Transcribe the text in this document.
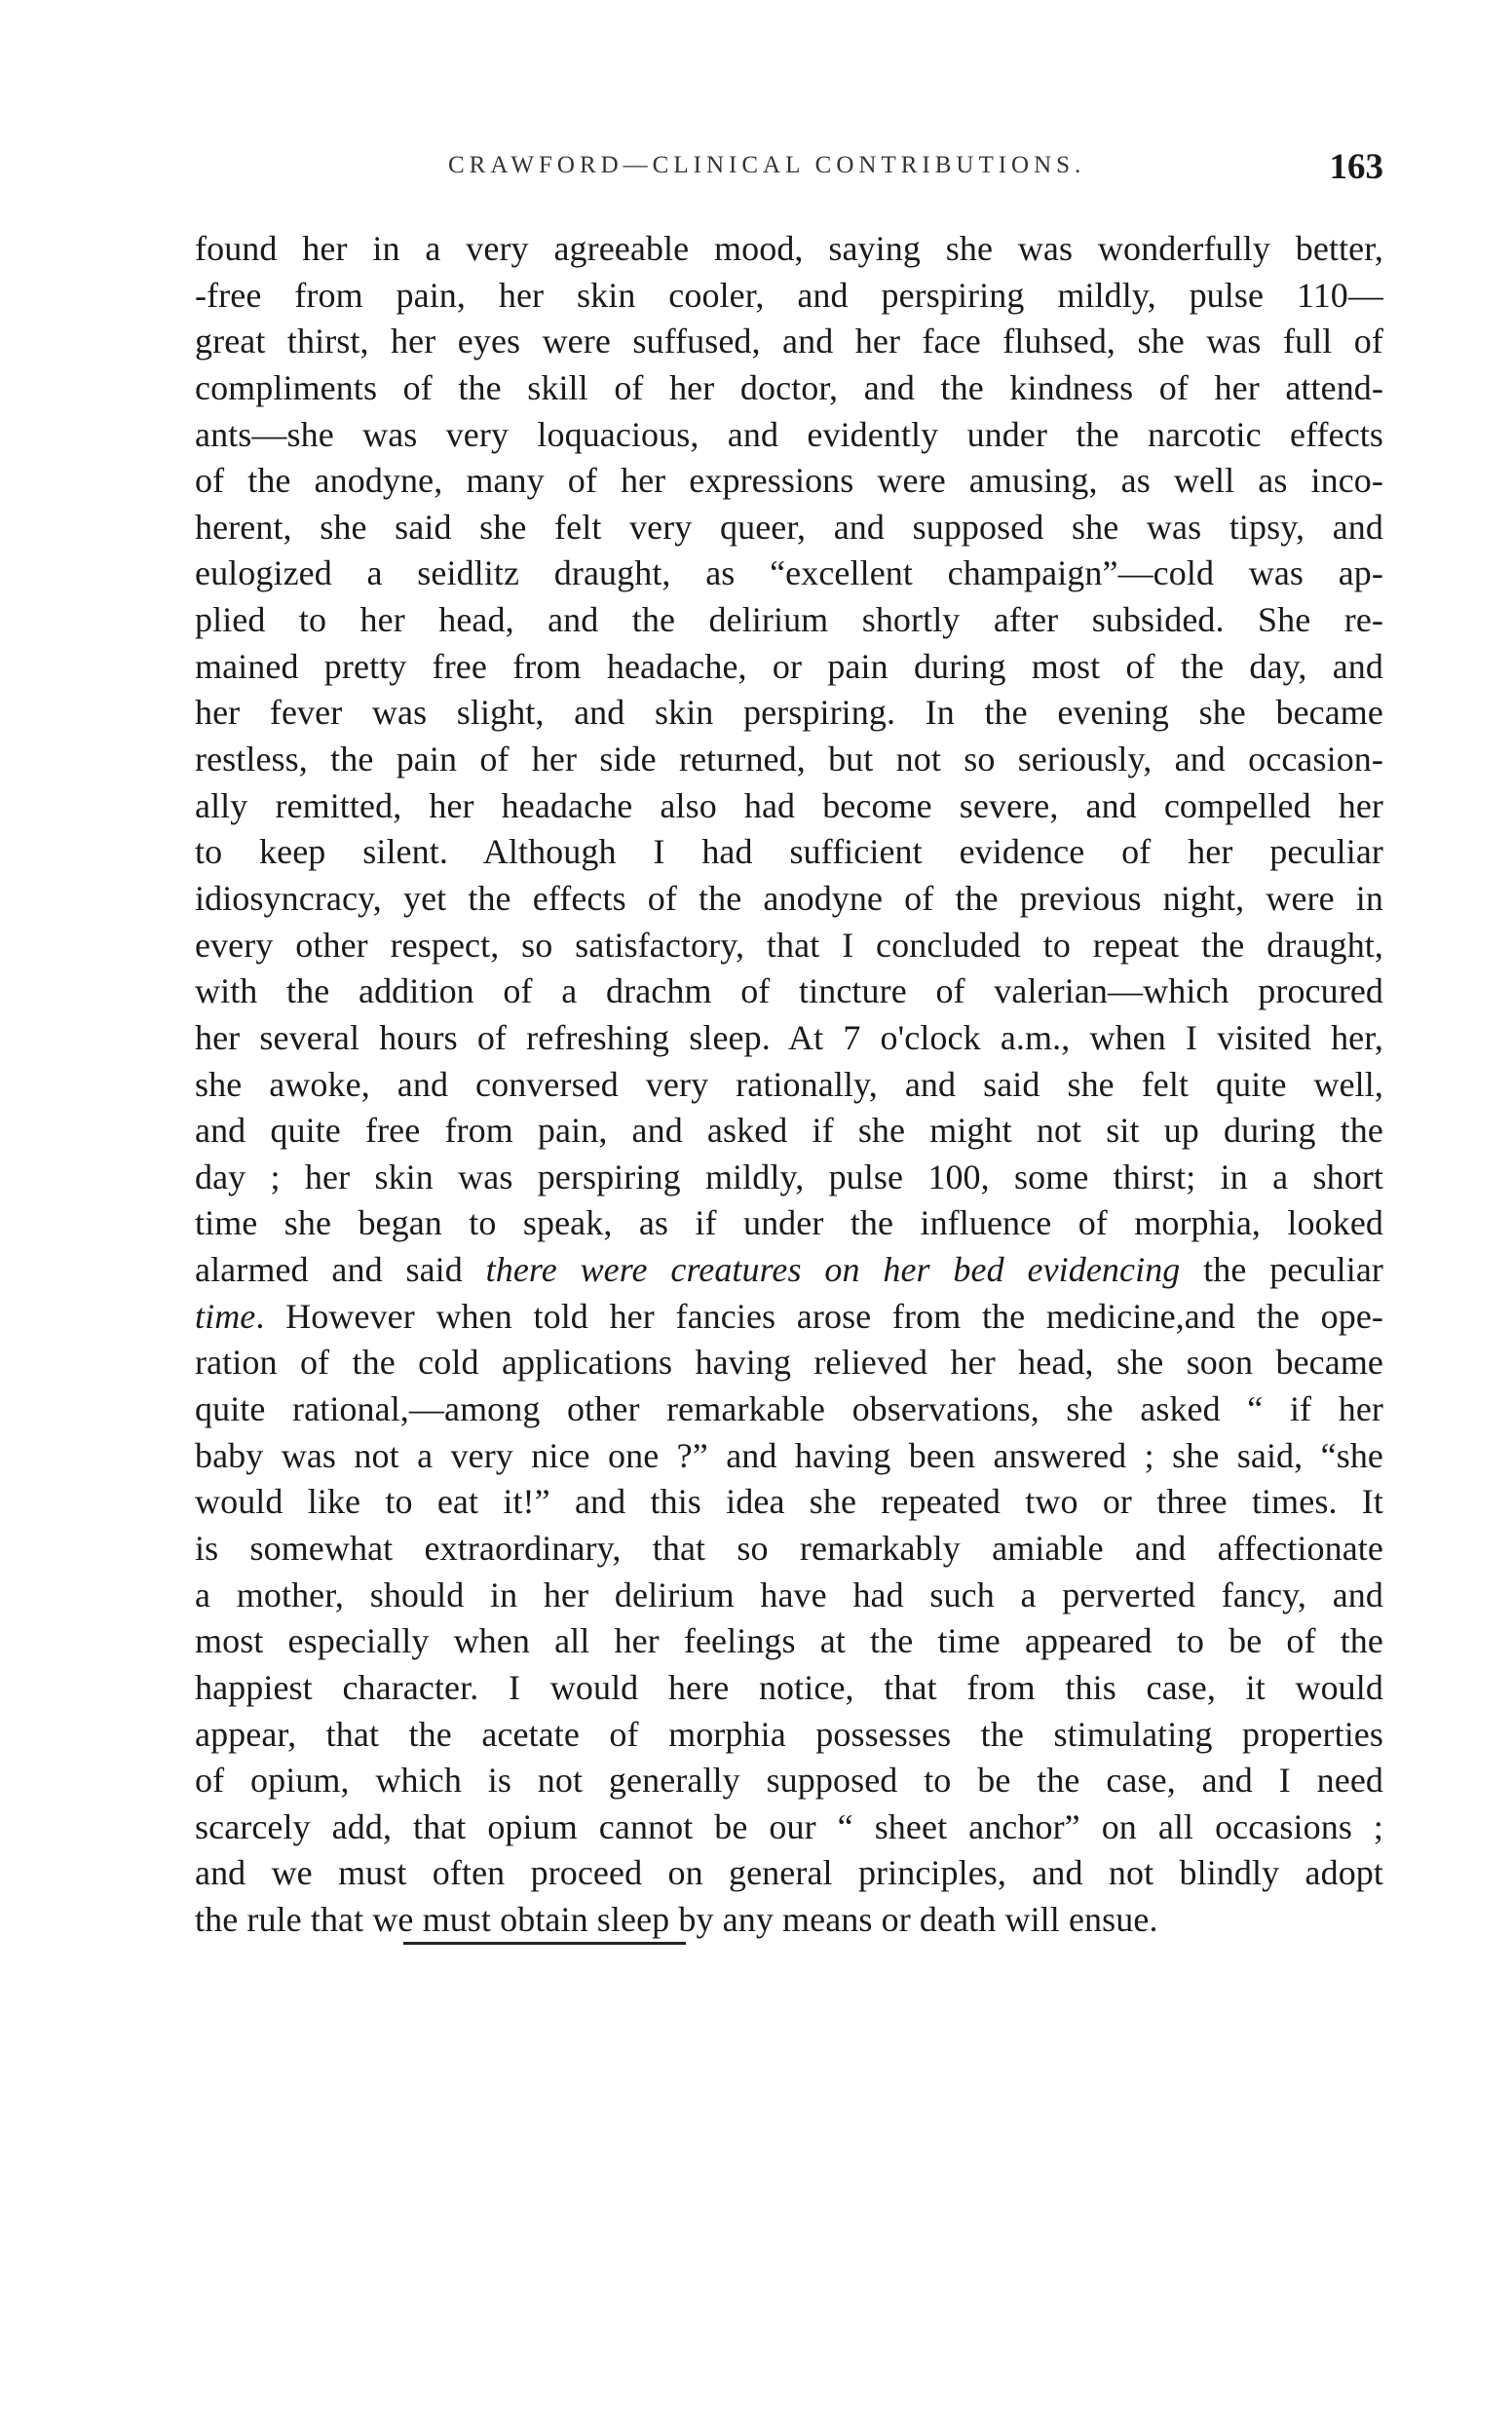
CRAWFORD—CLINICAL CONTRIBUTIONS.	163
found her in a very agreeable mood, saying she was wonderfully better,
-free from pain, her skin cooler, and perspiring mildly, pulse 110—
great thirst, her eyes were suffused, and her face fluhsed, she was full of
compliments of the skill of her doctor, and the kindness of her attend-
ants—she was very loquacious, and evidently under the narcotic effects
of the anodyne, many of her expressions were amusing, as well as inco-
herent, she said she felt very queer, and supposed she was tipsy, and
eulogized a seidlitz draught, as “excellent champaign”—cold was ap-
plied to her head, and the delirium shortly after subsided. She re-
mained pretty free from headache, or pain during most of the day, and
her fever was slight, and skin perspiring. In the evening she became
restless, the pain of her side returned, but not so seriously, and occasion-
ally remitted, her headache also had become severe, and compelled her
to keep silent. Although I had sufficient evidence of her peculiar
idiosyncracy, yet the effects of the anodyne of the previous night, were in
every other respect, so satisfactory, that I concluded to repeat the draught,
with the addition of a drachm of tincture of valerian—which procured
her several hours of refreshing sleep. At 7 o'clock a.m., when I visited her,
she awoke, and conversed very rationally, and said she felt quite well,
and quite free from pain, and asked if she might not sit up during the
day ; her skin was perspiring mildly, pulse 100, some thirst; in a short
time she began to speak, as if under the influence of morphia, looked
alarmed and said there were creatures on her bed evidencing the peculiar
time. However when told her fancies arose from the medicine,and the ope-
ration of the cold applications having relieved her head, she soon became
quite rational,—among other remarkable observations, she asked “ if her
baby was not a very nice one ?” and having been answered ; she said, “she
would like to eat it!” and this idea she repeated two or three times. It
is somewhat extraordinary, that so remarkably amiable and affectionate
a mother, should in her delirium have had such a perverted fancy, and
most especially when all her feelings at the time appeared to be of the
happiest character. I would here notice, that from this case, it would
appear, that the acetate of morphia possesses the stimulating properties
of opium, which is not generally supposed to be the case, and I need
scarcely add, that opium cannot be our “ sheet anchor” on all occasions ;
and we must often proceed on general principles, and not blindly adopt
the rule that we must obtain sleep by any means or death will ensue.
